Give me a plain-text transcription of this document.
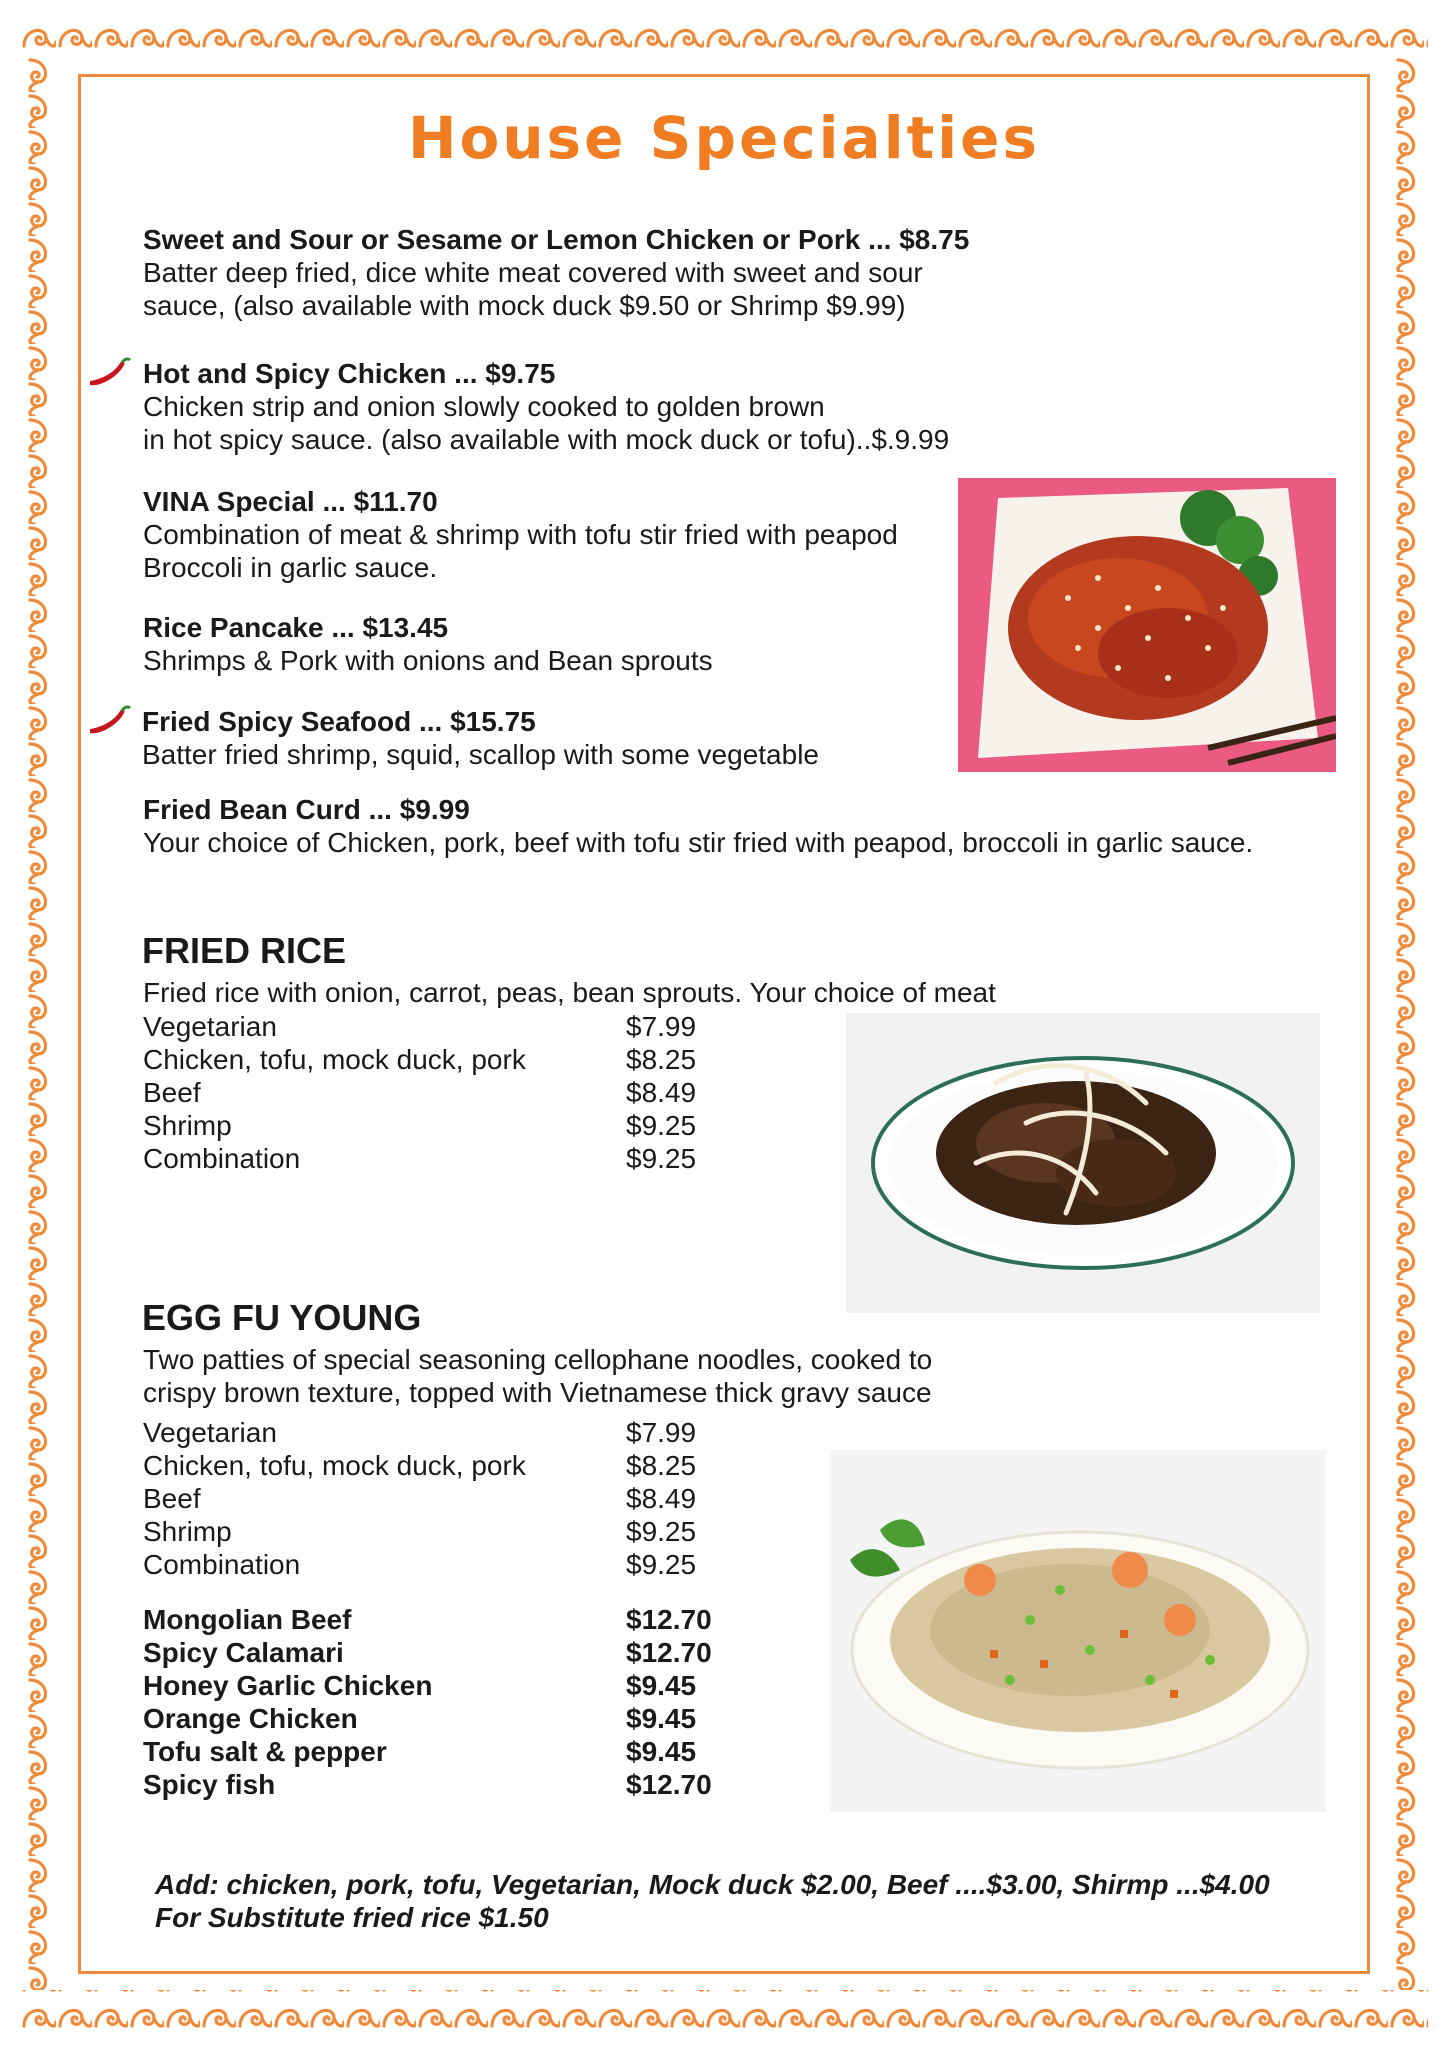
House Specialties
Sweet and Sour or Sesame or Lemon Chicken or Pork ... $8.75
Batter deep fried, dice white meat covered with sweet and sour
sauce, (also available with mock duck $9.50 or Shrimp $9.99)
Hot and Spicy Chicken ... $9.75
Chicken strip and onion slowly cooked to golden brown
in hot spicy sauce. (also available with mock duck or tofu)..$.9.99
VINA Special ... $11.70
Combination of meat & shrimp with tofu stir fried with peapod
Broccoli in garlic sauce.
Rice Pancake ... $13.45
Shrimps & Pork with onions and Bean sprouts
Fried Spicy Seafood ... $15.75
Batter fried shrimp, squid, scallop with some vegetable
Fried Bean Curd ... $9.99
Your choice of Chicken, pork, beef with tofu stir fried with peapod, broccoli in garlic sauce.
FRIED RICE
Fried rice with onion, carrot, peas, bean sprouts. Your choice of meat
Vegetarian	$7.99
Chicken, tofu, mock duck, pork	$8.25
Beef	$8.49
Shrimp	$9.25
Combination	$9.25
EGG FU YOUNG
Two patties of special seasoning cellophane noodles, cooked to
crispy brown texture, topped with Vietnamese thick gravy sauce
Vegetarian	$7.99
Chicken, tofu, mock duck, pork	$8.25
Beef	$8.49
Shrimp	$9.25
Combination	$9.25
Mongolian Beef	$12.70
Spicy Calamari	$12.70
Honey Garlic Chicken	$9.45
Orange Chicken	$9.45
Tofu salt & pepper	$9.45
Spicy fish	$12.70
Add: chicken, pork, tofu, Vegetarian, Mock duck $2.00, Beef ....$3.00, Shirmp ...$4.00
For Substitute fried rice $1.50
